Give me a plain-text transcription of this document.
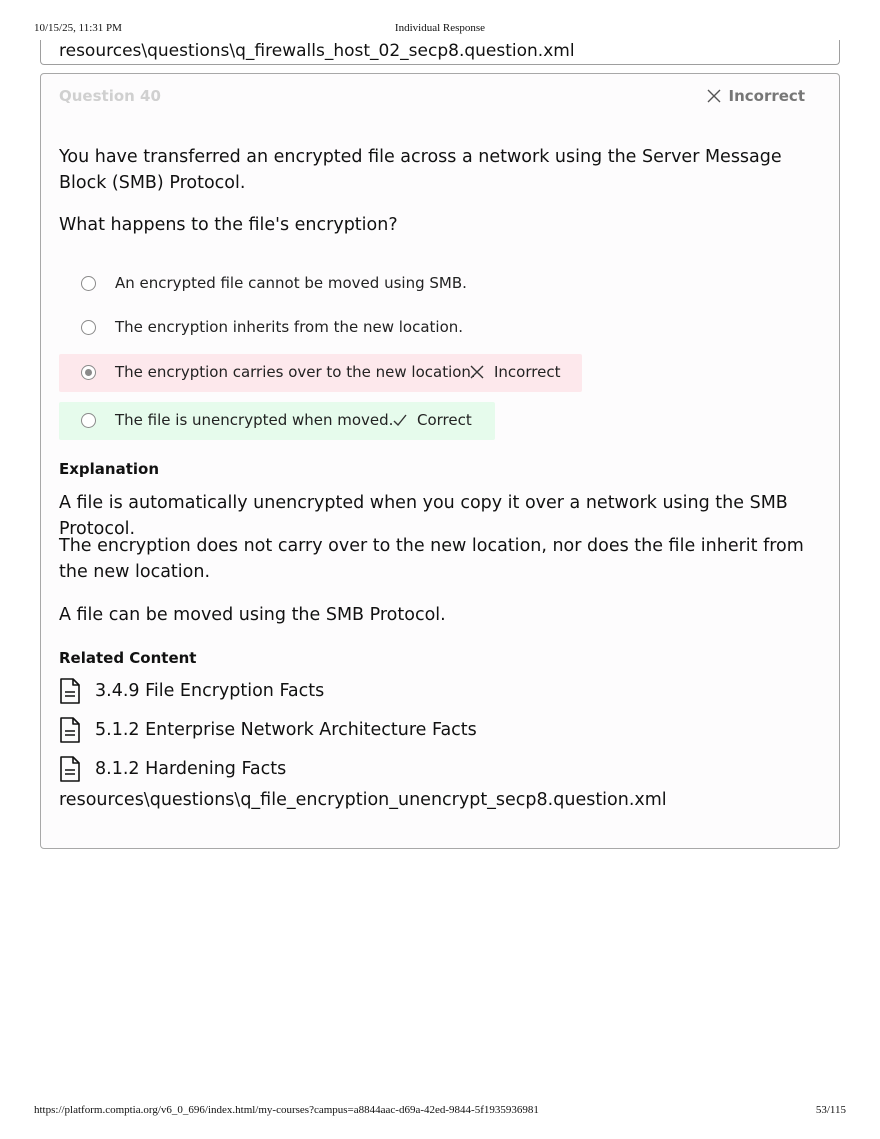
10/15/25, 11:31 PM	Individual Response
resources\questions\q_firewalls_host_02_secp8.question.xml
Question 40	Incorrect
You have transferred an encrypted file across a network using the Server Message Block (SMB) Protocol.
What happens to the file's encryption?
An encrypted file cannot be moved using SMB.
The encryption inherits from the new location.
The encryption carries over to the new location. Incorrect
The file is unencrypted when moved. Correct
Explanation
A file is automatically unencrypted when you copy it over a network using the SMB Protocol.
The encryption does not carry over to the new location, nor does the file inherit from the new location.
A file can be moved using the SMB Protocol.
Related Content
3.4.9 File Encryption Facts
5.1.2 Enterprise Network Architecture Facts
8.1.2 Hardening Facts
resources\questions\q_file_encryption_unencrypt_secp8.question.xml
https://platform.comptia.org/v6_0_696/index.html/my-courses?campus=a8844aac-d69a-42ed-9844-5f1935936981	53/115
